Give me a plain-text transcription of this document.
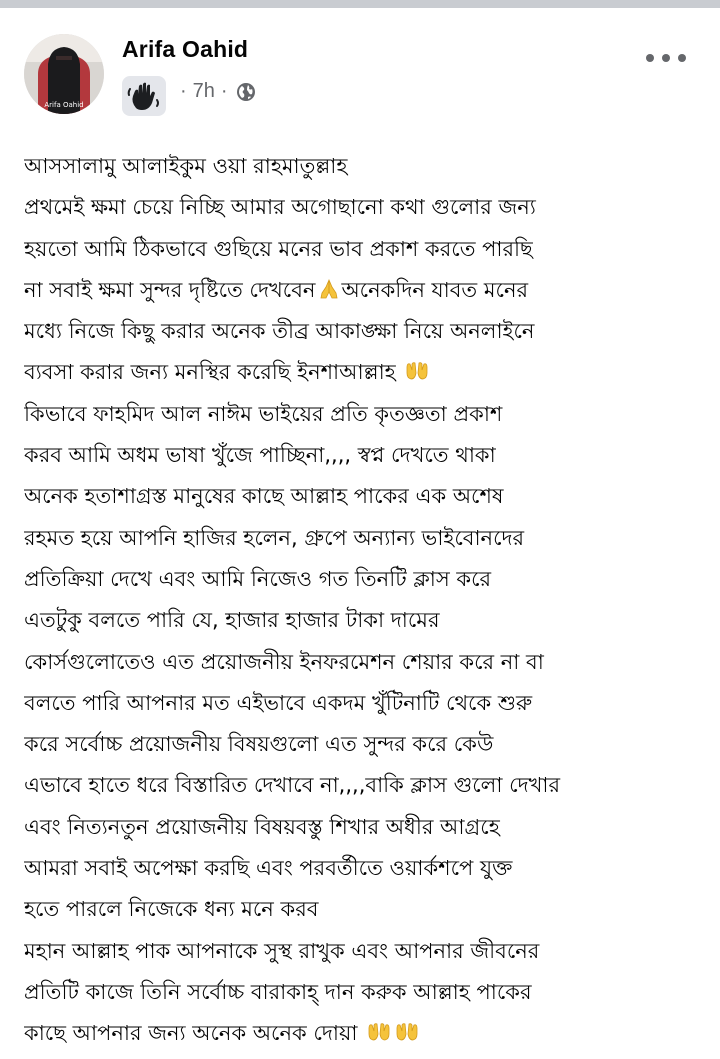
Arifa Oahid
Arifa Oahid
· 7h ·
আসসালামু আলাইকুম ওয়া রাহমাতুল্লাহ
প্রথমেই ক্ষমা চেয়ে নিচ্ছি আমার অগোছানো কথা গুলোর জন্য
হয়তো আমি ঠিকভাবে গুছিয়ে মনের ভাব প্রকাশ করতে পারছি
না সবাই ক্ষমা সুন্দর দৃষ্টিতে দেখবেন অনেকদিন যাবত মনের
মধ্যে নিজে কিছু করার অনেক তীব্র আকাঙ্ক্ষা নিয়ে অনলাইনে
ব্যবসা করার জন্য মনস্থির করেছি ইনশাআল্লাহ
কিভাবে ফাহমিদ আল নাঈম ভাইয়ের প্রতি কৃতজ্ঞতা প্রকাশ
করব আমি অধম ভাষা খুঁজে পাচ্ছিনা,,,, স্বপ্ন দেখতে থাকা
অনেক হতাশাগ্রস্ত মানুষের কাছে আল্লাহ পাকের এক অশেষ
রহমত হয়ে আপনি হাজির হলেন, গ্রুপে অন্যান্য ভাইবোনদের
প্রতিক্রিয়া দেখে এবং আমি নিজেও গত তিনটি ক্লাস করে
এতটুকু বলতে পারি যে, হাজার হাজার টাকা দামের
কোর্সগুলোতেও এত প্রয়োজনীয় ইনফরমেশন শেয়ার করে না বা
বলতে পারি আপনার মত এইভাবে একদম খুঁটিনাটি থেকে শুরু
করে সর্বোচ্চ প্রয়োজনীয় বিষয়গুলো এত সুন্দর করে কেউ
এভাবে হাতে ধরে বিস্তারিত দেখাবে না,,,,বাকি ক্লাস গুলো দেখার
এবং নিত্যনতুন প্রয়োজনীয় বিষয়বস্তু শিখার অধীর আগ্রহে
আমরা সবাই অপেক্ষা করছি এবং পরবর্তীতে ওয়ার্কশপে যুক্ত
হতে পারলে নিজেকে ধন্য মনে করব
মহান আল্লাহ পাক আপনাকে সুস্থ রাখুক এবং আপনার জীবনের
প্রতিটি কাজে তিনি সর্বোচ্চ বারাকাহ্ দান করুক আল্লাহ পাকের
কাছে আপনার জন্য অনেক অনেক দোয়া
